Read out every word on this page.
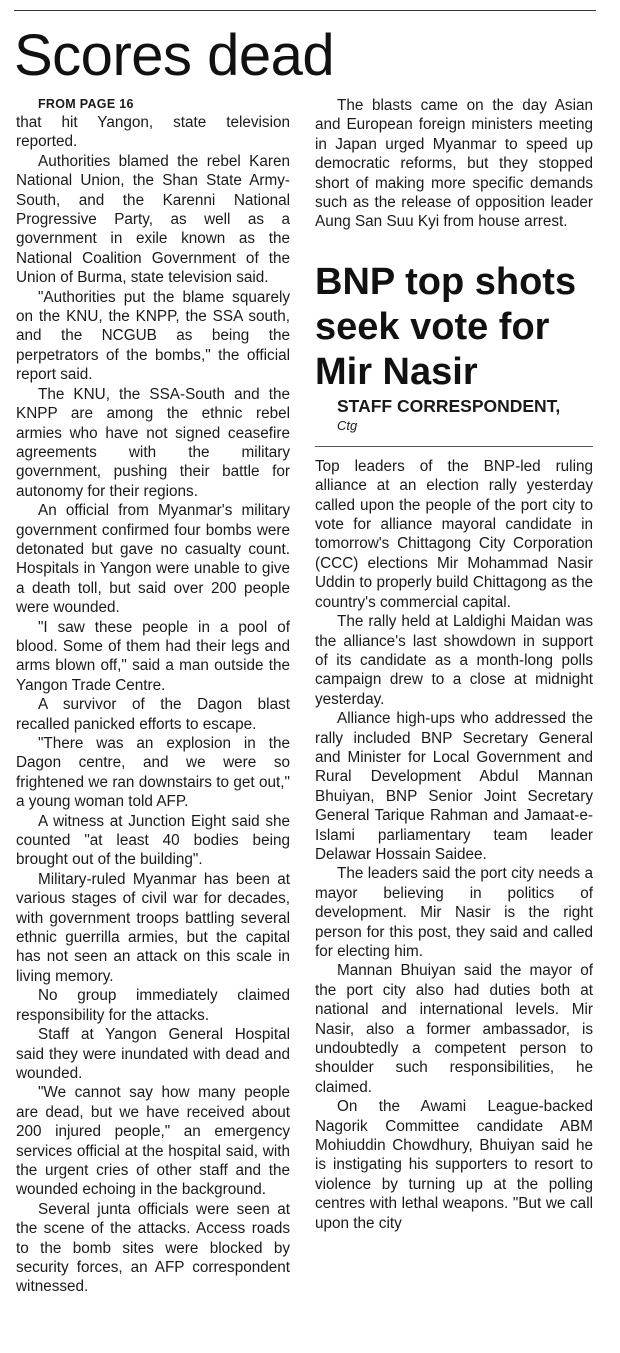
Scores dead

FROM PAGE 16

that hit Yangon, state television reported.

Authorities blamed the rebel Karen National Union, the Shan State Army-South, and the Karenni National Progressive Party, as well as a government in exile known as the National Coalition Government of the Union of Burma, state television said.

"Authorities put the blame squarely on the KNU, the KNPP, the SSA south, and the NCGUB as being the perpetrators of the bombs," the official report said.

The KNU, the SSA-South and the KNPP are among the ethnic rebel armies who have not signed ceasefire agreements with the military government, pushing their battle for autonomy for their regions.

An official from Myanmar's military government confirmed four bombs were detonated but gave no casualty count. Hospitals in Yangon were unable to give a death toll, but said over 200 people were wounded.

"I saw these people in a pool of blood. Some of them had their legs and arms blown off," said a man outside the Yangon Trade Centre.

A survivor of the Dagon blast recalled panicked efforts to escape.

"There was an explosion in the Dagon centre, and we were so frightened we ran downstairs to get out," a young woman told AFP.

A witness at Junction Eight said she counted "at least 40 bodies being brought out of the building".

Military-ruled Myanmar has been at various stages of civil war for decades, with government troops battling several ethnic guerrilla armies, but the capital has not seen an attack on this scale in living memory.

No group immediately claimed responsibility for the attacks.

Staff at Yangon General Hospital said they were inundated with dead and wounded.

"We cannot say how many people are dead, but we have received about 200 injured people," an emergency services official at the hospital said, with the urgent cries of other staff and the wounded echoing in the background.

Several junta officials were seen at the scene of the attacks. Access roads to the bomb sites were blocked by security forces, an AFP correspondent witnessed.

The blasts came on the day Asian and European foreign ministers meeting in Japan urged Myanmar to speed up democratic reforms, but they stopped short of making more specific demands such as the release of opposition leader Aung San Suu Kyi from house arrest.

BNP top shots seek vote for Mir Nasir

STAFF CORRESPONDENT,

Ctg

Top leaders of the BNP-led ruling alliance at an election rally yesterday called upon the people of the port city to vote for alliance mayoral candidate in tomorrow's Chittagong City Corporation (CCC) elections Mir Mohammad Nasir Uddin to properly build Chittagong as the country's commercial capital.

The rally held at Laldighi Maidan was the alliance's last showdown in support of its candidate as a month-long polls campaign drew to a close at midnight yesterday.

Alliance high-ups who addressed the rally included BNP Secretary General and Minister for Local Government and Rural Development Abdul Mannan Bhuiyan, BNP Senior Joint Secretary General Tarique Rahman and Jamaat-e-Islami parliamentary team leader Delawar Hossain Saidee.

The leaders said the port city needs a mayor believing in politics of development. Mir Nasir is the right person for this post, they said and called for electing him.

Mannan Bhuiyan said the mayor of the port city also had duties both at national and international levels. Mir Nasir, also a former ambassador, is undoubtedly a competent person to shoulder such responsibilities, he claimed.

On the Awami League-backed Nagorik Committee candidate ABM Mohiuddin Chowdhury, Bhuiyan said he is instigating his supporters to resort to violence by turning up at the polling centres with lethal weapons. "But we call upon the city
